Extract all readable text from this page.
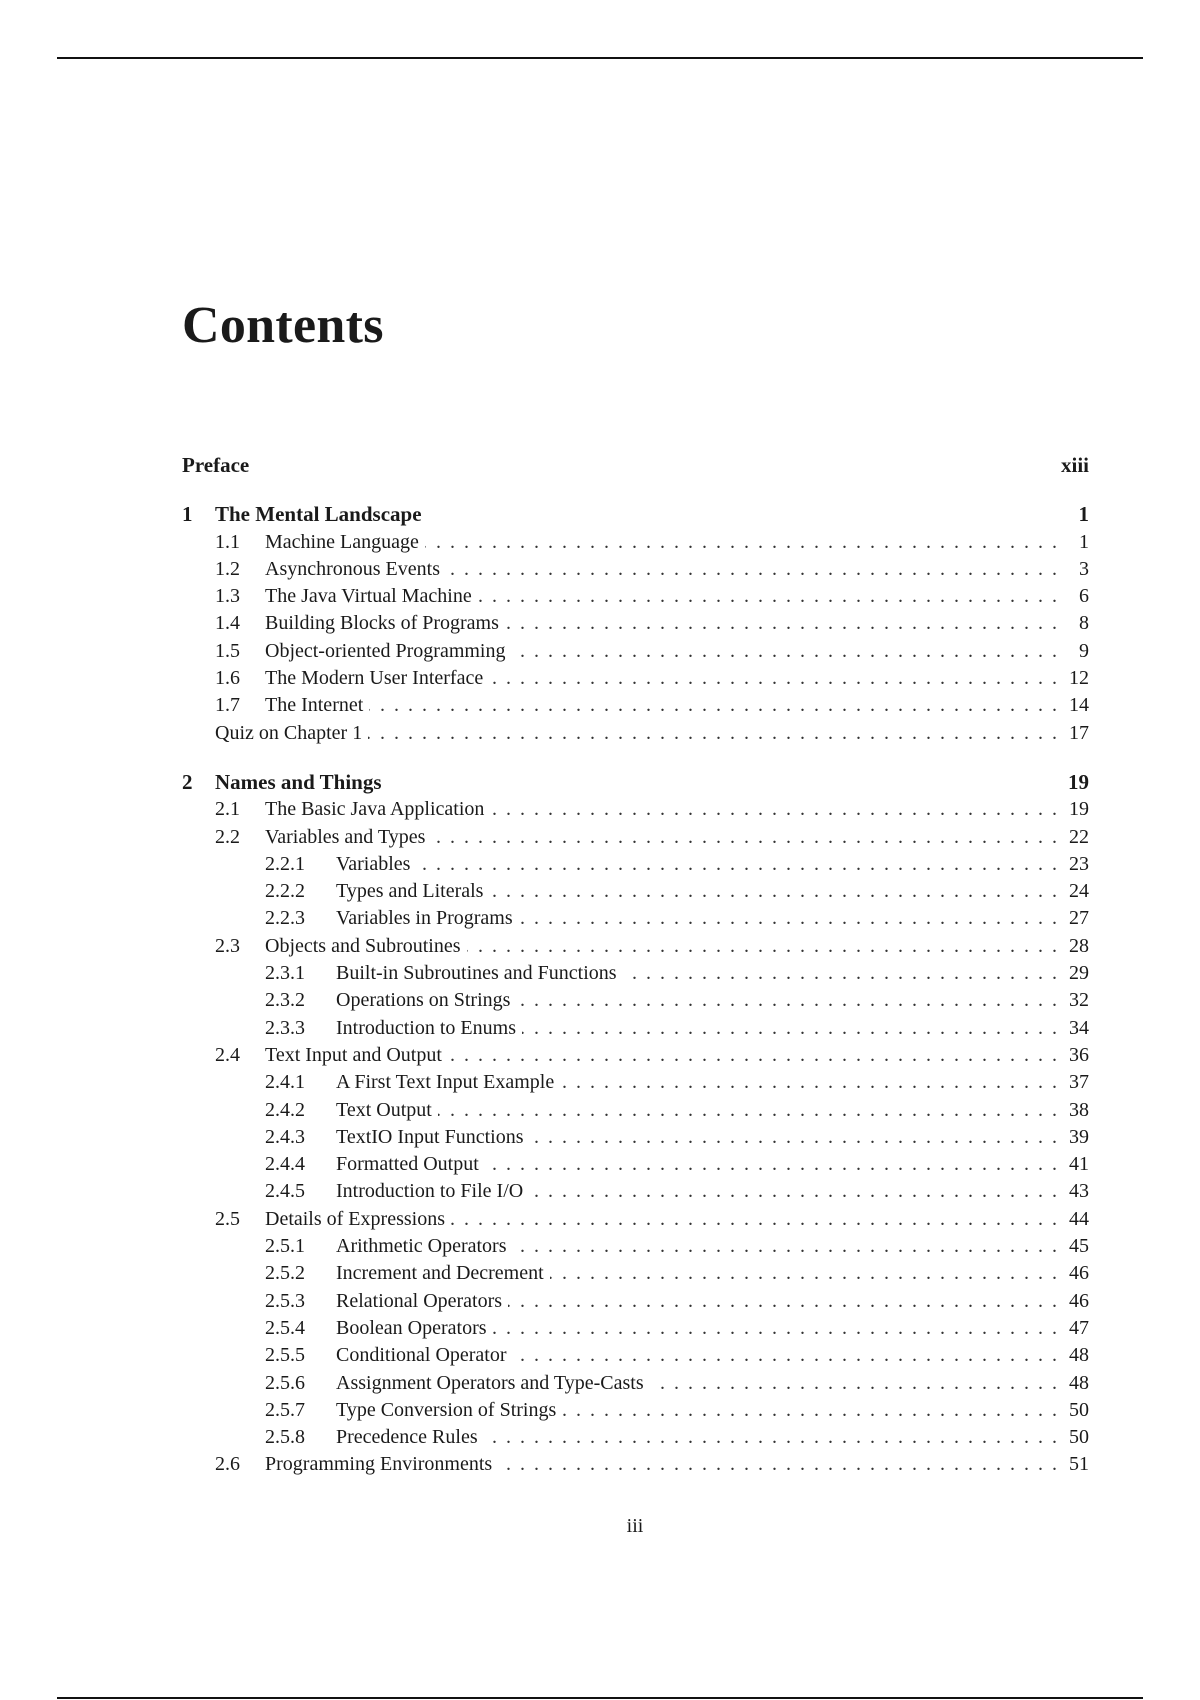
Contents
Preface	xiii
1	The Mental Landscape	1
1.1	Machine Language . . .	1
1.2	Asynchronous Events . . .	3
1.3	The Java Virtual Machine . . .	6
1.4	Building Blocks of Programs . . .	8
1.5	Object-oriented Programming . . .	9
1.6	The Modern User Interface . . .	12
1.7	The Internet . . .	14
Quiz on Chapter 1 . . .	17
2	Names and Things	19
2.1	The Basic Java Application . . .	19
2.2	Variables and Types . . .	22
2.2.1	Variables . . .	23
2.2.2	Types and Literals . . .	24
2.2.3	Variables in Programs . . .	27
2.3	Objects and Subroutines . . .	28
2.3.1	Built-in Subroutines and Functions . . .	29
2.3.2	Operations on Strings . . .	32
2.3.3	Introduction to Enums . . .	34
2.4	Text Input and Output . . .	36
2.4.1	A First Text Input Example . . .	37
2.4.2	Text Output . . .	38
2.4.3	TextIO Input Functions . . .	39
2.4.4	Formatted Output . . .	41
2.4.5	Introduction to File I/O . . .	43
2.5	Details of Expressions . . .	44
2.5.1	Arithmetic Operators . . .	45
2.5.2	Increment and Decrement . . .	46
2.5.3	Relational Operators . . .	46
2.5.4	Boolean Operators . . .	47
2.5.5	Conditional Operator . . .	48
2.5.6	Assignment Operators and Type-Casts . . .	48
2.5.7	Type Conversion of Strings . . .	50
2.5.8	Precedence Rules . . .	50
2.6	Programming Environments . . .	51
iii
